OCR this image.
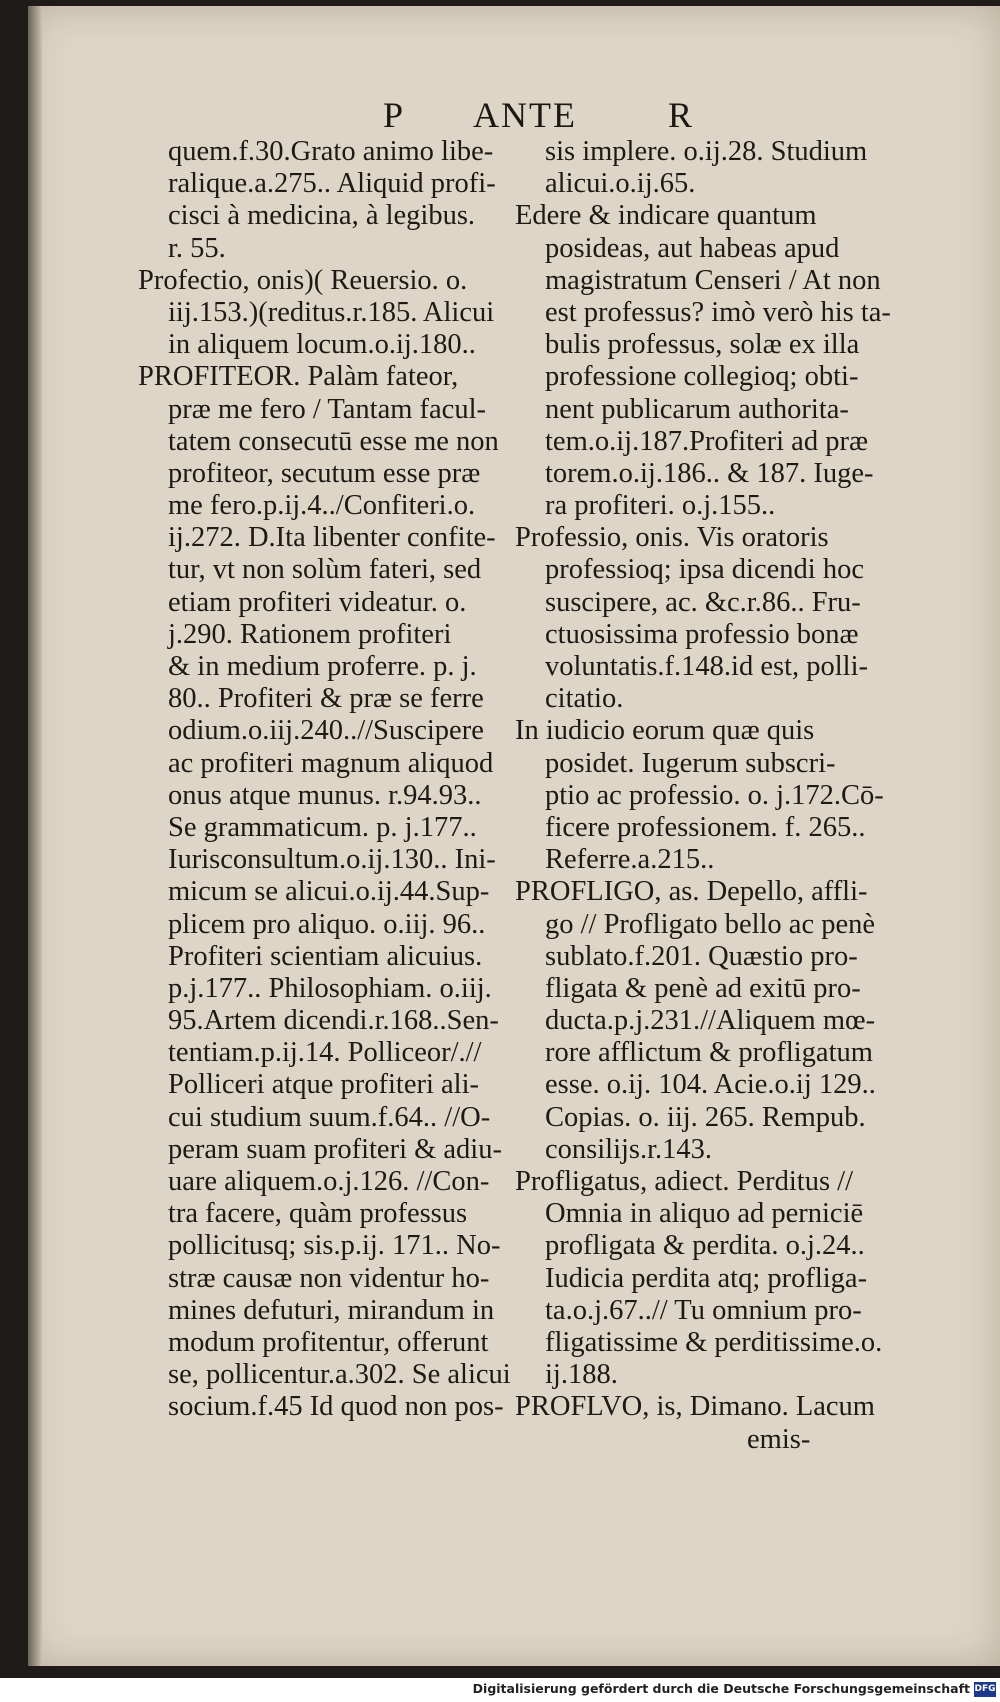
P ANTE	R
quem.f.30.Grato animo libe-
ralique.a.275.. Aliquid profi-
cisci à medicina, à legibus.
r. 55.
Profectio, onis)( Reuersio. o.
iij.153.)(reditus.r.185. Alicui
in aliquem locum.o.ij.180..
PROFITEOR. Palàm fateor,
præ me fero / Tantam facul-
tatem consecutū esse me non
profiteor, secutum esse præ
me fero.p.ij.4../Confiteri.o.
ij.272. D.Ita libenter confite-
tur, vt non solùm fateri, sed
etiam profiteri videatur. o.
j.290. Rationem profiteri
& in medium proferre. p. j.
80.. Profiteri & præ se ferre
odium.o.iij.240..//Suscipere
ac profiteri magnum aliquod
onus atque munus. r.94.93..
Se grammaticum. p. j.177..
Iurisconsultum.o.ij.130.. Ini-
micum se alicui.o.ij.44.Sup-
plicem pro aliquo. o.iij. 96..
Profiteri scientiam alicuius.
p.j.177.. Philosophiam. o.iij.
95.Artem dicendi.r.168..Sen-
tentiam.p.ij.14. Polliceor/.//
Polliceri atque profiteri ali-
cui studium suum.f.64.. //O-
peram suam profiteri & adiu-
uare aliquem.o.j.126. //Con-
tra facere, quàm professus
pollicitusq; sis.p.ij. 171.. No-
stræ causæ non videntur ho-
mines defuturi, mirandum in
modum profitentur, offerunt
se, pollicentur.a.302. Se alicui
socium.f.45 Id quod non pos-
sis implere. o.ij.28. Studium
alicui.o.ij.65.
Edere & indicare quantum
posideas, aut habeas apud
magistratum Censeri / At non
est professus? imò verò his ta-
bulis professus, solæ ex illa
professione collegioq; obti-
nent publicarum authorita-
tem.o.ij.187.Profiteri ad præ
torem.o.ij.186.. & 187. Iuge-
ra profiteri. o.j.155..
Professio, onis. Vis oratoris
professioq; ipsa dicendi hoc
suscipere, ac. &c.r.86.. Fru-
ctuosissima professio bonæ
voluntatis.f.148.id est, polli-
citatio.
In iudicio eorum quæ quis
posidet. Iugerum subscri-
ptio ac professio. o. j.172.Cō-
ficere professionem. f. 265..
Referre.a.215..
PROFLIGO, as. Depello, affli-
go // Profligato bello ac penè
sublato.f.201. Quæstio pro-
fligata & penè ad exitū pro-
ducta.p.j.231.//Aliquem mœ-
rore afflictum & profligatum
esse. o.ij. 104. Acie.o.ij 129..
Copias. o. iij. 265. Rempub.
consilijs.r.143.
Profligatus, adiect. Perditus //
Omnia in aliquo ad perniciē
profligata & perdita. o.j.24..
Iudicia perdita atq; profliga-
ta.o.j.67..// Tu omnium pro-
fligatissime & perditissime.o.
ij.188.
PROFLVO, is, Dimano. Lacum
emis-
Digitalisierung gefördert durch die Deutsche Forschungsgemeinschaft DFG
